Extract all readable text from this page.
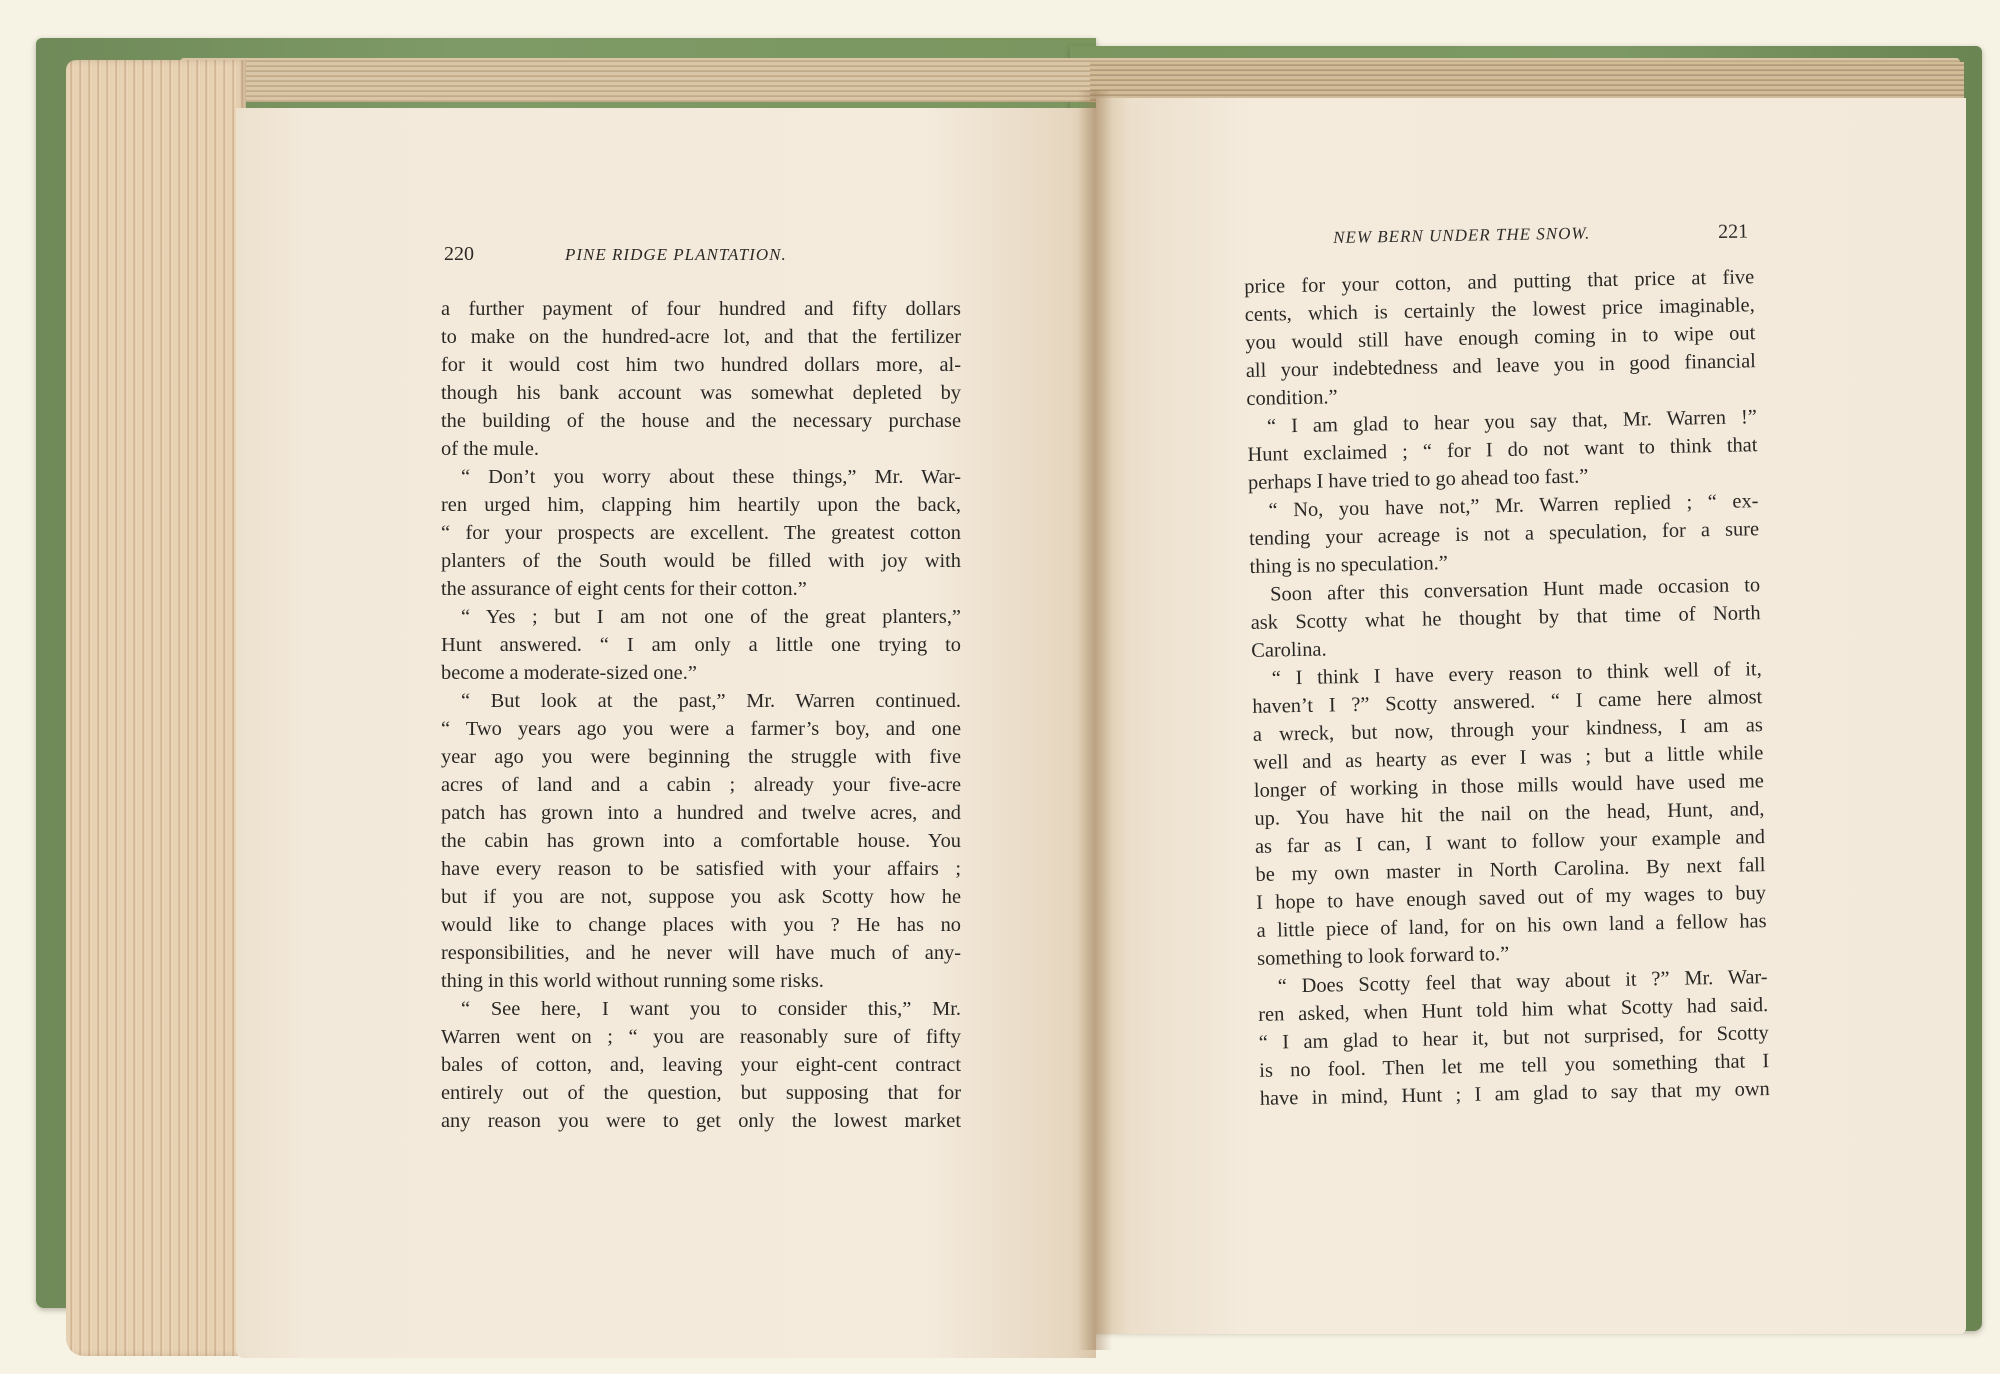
220	PINE RIDGE PLANTATION.
NEW BERN UNDER THE SNOW.	221
a further payment of four hundred and fifty dollars
to make on the hundred-acre lot, and that the fertilizer
for it would cost him two hundred dollars more, al-
though his bank account was somewhat depleted by
the building of the house and the necessary purchase
of the mule.
“ Don’t you worry about these things,” Mr. War-
ren urged him, clapping him heartily upon the back,
“ for your prospects are excellent. The greatest cotton
planters of the South would be filled with joy with
the assurance of eight cents for their cotton.”
“ Yes ; but I am not one of the great planters,”
Hunt answered. “ I am only a little one trying to
become a moderate-sized one.”
“ But look at the past,” Mr. Warren continued.
“ Two years ago you were a farmer’s boy, and one
year ago you were beginning the struggle with five
acres of land and a cabin ; already your five-acre
patch has grown into a hundred and twelve acres, and
the cabin has grown into a comfortable house. You
have every reason to be satisfied with your affairs ;
but if you are not, suppose you ask Scotty how he
would like to change places with you ? He has no
responsibilities, and he never will have much of any-
thing in this world without running some risks.
“ See here, I want you to consider this,” Mr.
Warren went on ; “ you are reasonably sure of fifty
bales of cotton, and, leaving your eight-cent contract
entirely out of the question, but supposing that for
any reason you were to get only the lowest market
price for your cotton, and putting that price at five
cents, which is certainly the lowest price imaginable,
you would still have enough coming in to wipe out
all your indebtedness and leave you in good financial
condition.”
“ I am glad to hear you say that, Mr. Warren !”
Hunt exclaimed ; “ for I do not want to think that
perhaps I have tried to go ahead too fast.”
“ No, you have not,” Mr. Warren replied ; “ ex-
tending your acreage is not a speculation, for a sure
thing is no speculation.”
Soon after this conversation Hunt made occasion to
ask Scotty what he thought by that time of North
Carolina.
“ I think I have every reason to think well of it,
haven’t I ?” Scotty answered. “ I came here almost
a wreck, but now, through your kindness, I am as
well and as hearty as ever I was ; but a little while
longer of working in those mills would have used me
up. You have hit the nail on the head, Hunt, and,
as far as I can, I want to follow your example and
be my own master in North Carolina. By next fall
I hope to have enough saved out of my wages to buy
a little piece of land, for on his own land a fellow has
something to look forward to.”
“ Does Scotty feel that way about it ?” Mr. War-
ren asked, when Hunt told him what Scotty had said.
“ I am glad to hear it, but not surprised, for Scotty
is no fool. Then let me tell you something that I
have in mind, Hunt ; I am glad to say that my own
